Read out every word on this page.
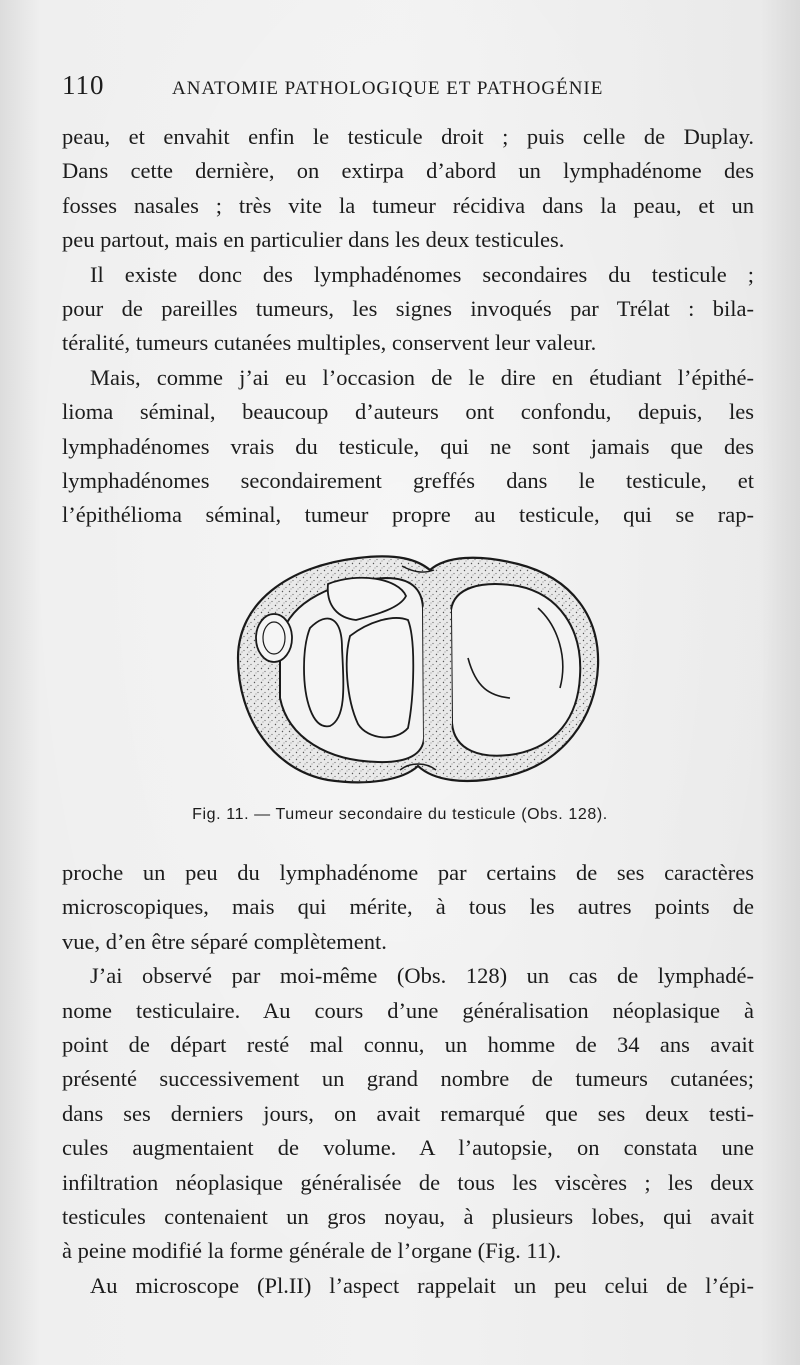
110	ANATOMIE PATHOLOGIQUE ET PATHOGÉNIE
peau, et envahit enfin le testicule droit ; puis celle de Duplay.
Dans cette dernière, on extirpa d’abord un lymphadénome des
fosses nasales ; très vite la tumeur récidiva dans la peau, et un
peu partout, mais en particulier dans les deux testicules.
Il existe donc des lymphadénomes secondaires du testicule ;
pour de pareilles tumeurs, les signes invoqués par Trélat : bila-
téralité, tumeurs cutanées multiples, conservent leur valeur.
Mais, comme j’ai eu l’occasion de le dire en étudiant l’épithé-
lioma séminal, beaucoup d’auteurs ont confondu, depuis, les
lymphadénomes vrais du testicule, qui ne sont jamais que des
lymphadénomes secondairement greffés dans le testicule, et
l’épithélioma séminal, tumeur propre au testicule, qui se rap-
Fig. 11. — Tumeur secondaire du testicule (Obs. 128).
proche un peu du lymphadénome par certains de ses caractères
microscopiques, mais qui mérite, à tous les autres points de
vue, d’en être séparé complètement.
J’ai observé par moi-même (Obs. 128) un cas de lymphadé-
nome testiculaire. Au cours d’une généralisation néoplasique à
point de départ resté mal connu, un homme de 34 ans avait
présenté successivement un grand nombre de tumeurs cutanées;
dans ses derniers jours, on avait remarqué que ses deux testi-
cules augmentaient de volume. A l’autopsie, on constata une
infiltration néoplasique généralisée de tous les viscères ; les deux
testicules contenaient un gros noyau, à plusieurs lobes, qui avait
à peine modifié la forme générale de l’organe (Fig. 11).
Au microscope (Pl.II) l’aspect rappelait un peu celui de l’épi-
